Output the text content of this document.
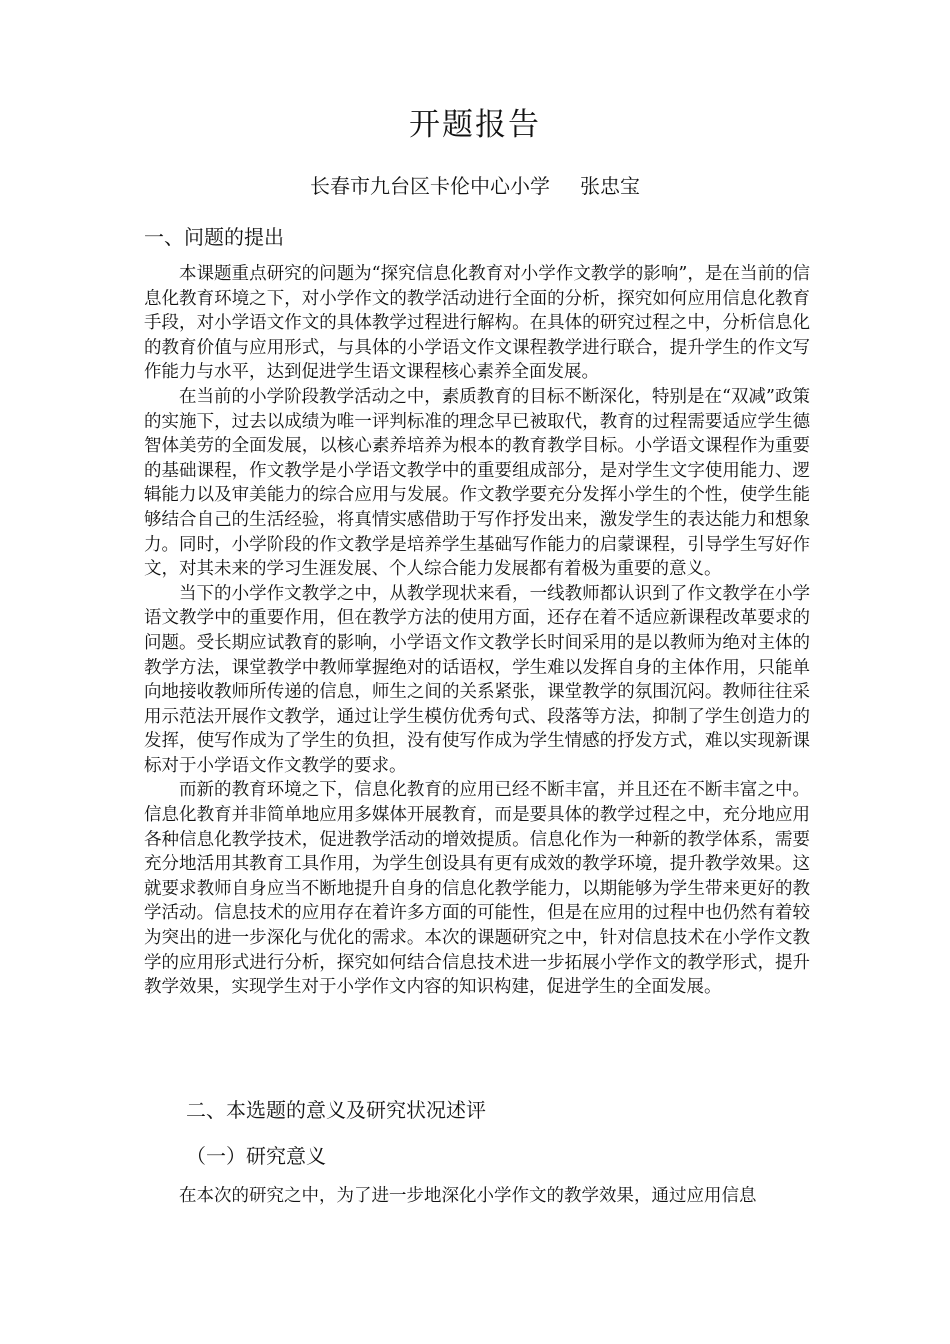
开题报告
长春市九台区卡伦中心小学 张忠宝
一、问题的提出

本课题重点研究的问题为“探究信息化教育对小学作文教学的影响”，是在当前的信息化教育环境之下，对小学作文的教学活动进行全面的分析，探究如何应用信息化教育手段，对小学语文作文的具体教学过程进行解构。在具体的研究过程之中，分析信息化的教育价值与应用形式，与具体的小学语文作文课程教学进行联合，提升学生的作文写作能力与水平，达到促进学生语文课程核心素养全面发展。

在当前的小学阶段教学活动之中，素质教育的目标不断深化，特别是在“双减”政策的实施下，过去以成绩为唯一评判标准的理念早已被取代，教育的过程需要适应学生德智体美劳的全面发展，以核心素养培养为根本的教育教学目标。小学语文课程作为重要的基础课程，作文教学是小学语文教学中的重要组成部分，是对学生文字使用能力、逻辑能力以及审美能力的综合应用与发展。作文教学要充分发挥小学生的个性，使学生能够结合自己的生活经验，将真情实感借助于写作抒发出来，激发学生的表达能力和想象力。同时，小学阶段的作文教学是培养学生基础写作能力的启蒙课程，引导学生写好作文，对其未来的学习生涯发展、个人综合能力发展都有着极为重要的意义。

当下的小学作文教学之中，从教学现状来看，一线教师都认识到了作文教学在小学语文教学中的重要作用，但在教学方法的使用方面，还存在着不适应新课程改革要求的问题。受长期应试教育的影响，小学语文作文教学长时间采用的是以教师为绝对主体的教学方法，课堂教学中教师掌握绝对的话语权，学生难以发挥自身的主体作用，只能单向地接收教师所传递的信息，师生之间的关系紧张，课堂教学的氛围沉闷。教师往往采用示范法开展作文教学，通过让学生模仿优秀句式、段落等方法，抑制了学生创造力的发挥，使写作成为了学生的负担，没有使写作成为学生情感的抒发方式，难以实现新课标对于小学语文作文教学的要求。

而新的教育环境之下，信息化教育的应用已经不断丰富，并且还在不断丰富之中。信息化教育并非简单地应用多媒体开展教育，而是要具体的教学过程之中，充分地应用各种信息化教学技术，促进教学活动的增效提质。信息化作为一种新的教学体系，需要充分地活用其教育工具作用，为学生创设具有更有成效的教学环境，提升教学效果。这就要求教师自身应当不断地提升自身的信息化教学能力，以期能够为学生带来更好的教学活动。信息技术的应用存在着许多方面的可能性，但是在应用的过程中也仍然有着较为突出的进一步深化与优化的需求。本次的课题研究之中，针对信息技术在小学作文教学的应用形式进行分析，探究如何结合信息技术进一步拓展小学作文的教学形式，提升教学效果，实现学生对于小学作文内容的知识构建，促进学生的全面发展。

二、本选题的意义及研究状况述评
（一）研究意义
在本次的研究之中，为了进一步地深化小学作文的教学效果，通过应用信息
